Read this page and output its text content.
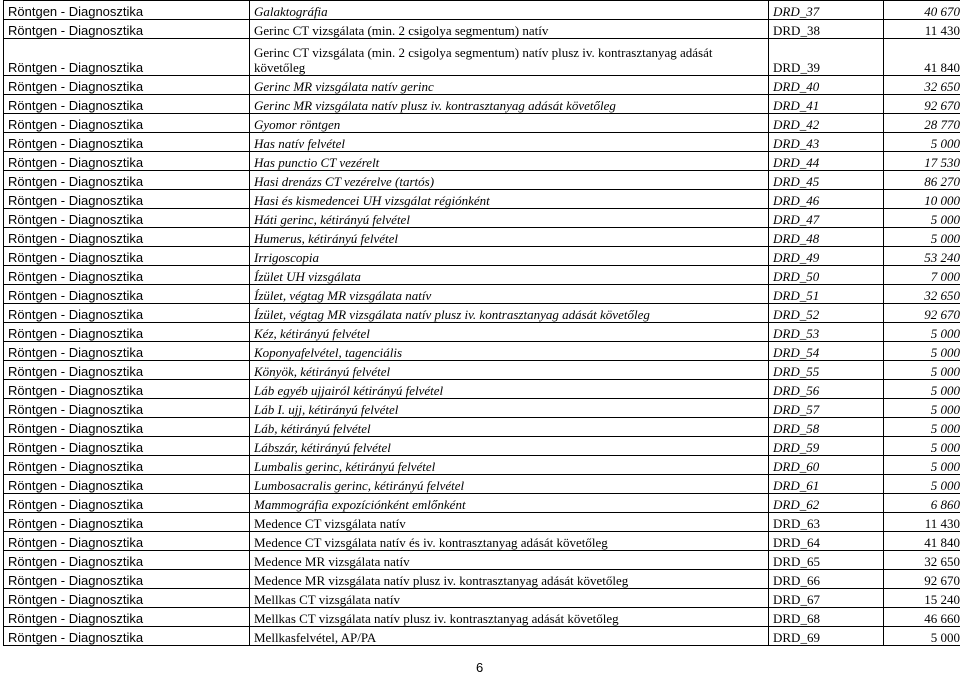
Röntgen - Diagnosztika	Galaktográfia	DRD_37	40 670
Röntgen - Diagnosztika	Gerinc CT vizsgálata (min. 2 csigolya segmentum) natív	DRD_38	11 430
Röntgen - Diagnosztika	Gerinc CT vizsgálata (min. 2 csigolya segmentum) natív plusz iv. kontrasztanyag adását követőleg	DRD_39	41 840
Röntgen - Diagnosztika	Gerinc MR vizsgálata natív gerinc	DRD_40	32 650
Röntgen - Diagnosztika	Gerinc MR vizsgálata natív plusz iv. kontrasztanyag adását követőleg	DRD_41	92 670
Röntgen - Diagnosztika	Gyomor röntgen	DRD_42	28 770
Röntgen - Diagnosztika	Has natív felvétel	DRD_43	5 000
Röntgen - Diagnosztika	Has punctio CT vezérelt	DRD_44	17 530
Röntgen - Diagnosztika	Hasi drenázs CT vezérelve (tartós)	DRD_45	86 270
Röntgen - Diagnosztika	Hasi és kismedencei UH vizsgálat régiónként	DRD_46	10 000
Röntgen - Diagnosztika	Háti gerinc, kétirányú felvétel	DRD_47	5 000
Röntgen - Diagnosztika	Humerus, kétirányú felvétel	DRD_48	5 000
Röntgen - Diagnosztika	Irrigoscopia	DRD_49	53 240
Röntgen - Diagnosztika	Ízület UH vizsgálata	DRD_50	7 000
Röntgen - Diagnosztika	Ízület, végtag MR vizsgálata natív	DRD_51	32 650
Röntgen - Diagnosztika	Ízület, végtag MR vizsgálata natív plusz iv. kontrasztanyag adását követőleg	DRD_52	92 670
Röntgen - Diagnosztika	Kéz, kétirányú felvétel	DRD_53	5 000
Röntgen - Diagnosztika	Koponyafelvétel, tagenciális	DRD_54	5 000
Röntgen - Diagnosztika	Könyök, kétirányú felvétel	DRD_55	5 000
Röntgen - Diagnosztika	Láb egyéb ujjairól kétirányú felvétel	DRD_56	5 000
Röntgen - Diagnosztika	Láb I. ujj, kétirányú felvétel	DRD_57	5 000
Röntgen - Diagnosztika	Láb, kétirányú felvétel	DRD_58	5 000
Röntgen - Diagnosztika	Lábszár, kétirányú felvétel	DRD_59	5 000
Röntgen - Diagnosztika	Lumbalis gerinc, kétirányú felvétel	DRD_60	5 000
Röntgen - Diagnosztika	Lumbosacralis gerinc, kétirányú felvétel	DRD_61	5 000
Röntgen - Diagnosztika	Mammográfia expozíciónként emlőnként	DRD_62	6 860
Röntgen - Diagnosztika	Medence CT vizsgálata natív	DRD_63	11 430
Röntgen - Diagnosztika	Medence CT vizsgálata natív és iv. kontrasztanyag adását követőleg	DRD_64	41 840
Röntgen - Diagnosztika	Medence MR vizsgálata natív	DRD_65	32 650
Röntgen - Diagnosztika	Medence MR vizsgálata natív plusz iv. kontrasztanyag adását követőleg	DRD_66	92 670
Röntgen - Diagnosztika	Mellkas CT vizsgálata natív	DRD_67	15 240
Röntgen - Diagnosztika	Mellkas CT vizsgálata natív plusz iv. kontrasztanyag adását követőleg	DRD_68	46 660
Röntgen - Diagnosztika	Mellkasfelvétel, AP/PA	DRD_69	5 000
6
